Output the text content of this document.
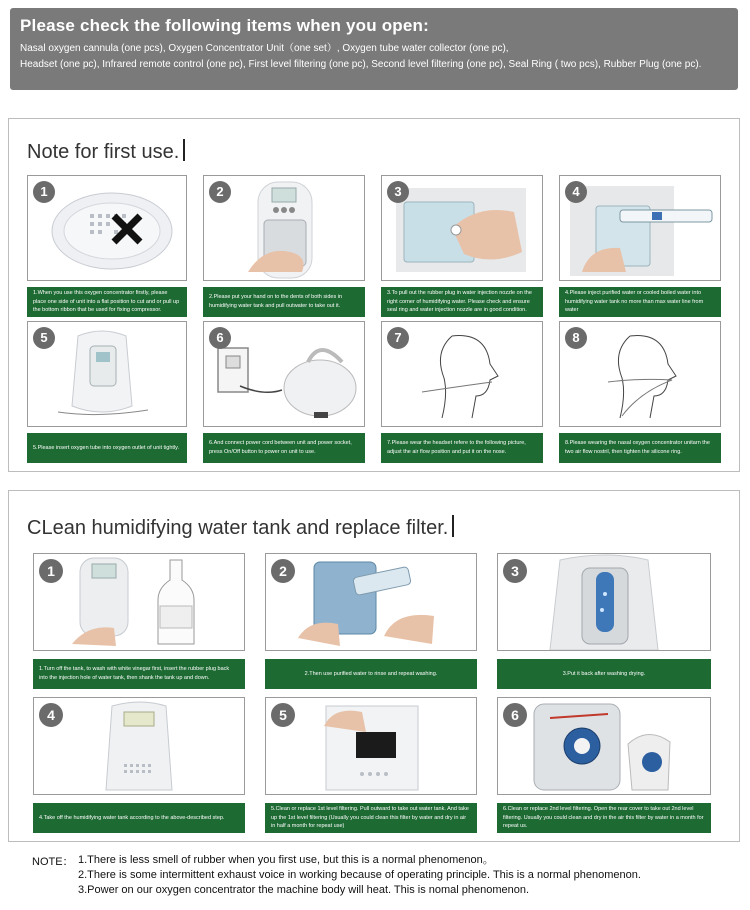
Please check the following items when you open:
Nasal oxygen cannula (one pcs), Oxygen Concentrator Unit（one set）, Oxygen tube water collector (one pc),
Headset (one pc), Infrared remote control (one pc), First level filtering (one pc), Second level filtering (one pc), Seal Ring ( two pcs), Rubber Plug (one pc).
Note for first use.
1
1.When you use this oxygen concentrator firstly, please place one side of unit into a flat position to cut and or pull up the bottom ribbon that be used for fixing compressor.
2
2.Please put your hand on to the dents of both sides in humidifying water tank and pull outwater to take out it.
3
3.To pull out the rubber plug in water injection nozzle on the right corner of humidifying water. Please check and ensure seal ring and water injection nozzle are in good condition.
4
4.Please inject purified water or cooled boiled water into humidifying water tank no more than max water line from water
5
5.Please insert oxygen tube into oxygen outlet of unit tightly.
6
6.And connect power cord between unit and power socket, press On/Off button to power on unit to use.
7
7.Please wear the headset refere to the following picture, adjust the air flow position and put it on the nose.
8
8.Please wearing the nasal oxygen concentrator unitarn the two air flow nostril, then tighten the silicone ring.
CLean humidifying water tank and replace filter.
1
1.Turn off the tank, to wash with white vinegar first, insert the rubber plug back into the injection hole of water tank, then shank the tank up and down.
2
2.Then use purified water to rinse and repeat washing.
3
3.Put it back after washing drying.
4
4.Take off the humidifying water tank according to the above-described step.
5
5.Clean or replace 1st level filtering. Pull outward to take out water tank. And take up the 1st level filtering (Usually you could clean this filter by water and dry in air in half a month for repeat use)
6
6.Clean or replace 2nd level filtering. Open the rear cover to take out 2nd level filtering. Usually you could clean and dry in the air this filter by water in a month for repeat us.
NOTE： 1.There is less smell of rubber when you first use, but this is a normal phenomenon。
2.There is some intermittent exhaust voice in working because of operating principle. This is a normal phenomenon.
3.Power on our oxygen concentrator the machine body will heat. This is nomal phenomenon.
